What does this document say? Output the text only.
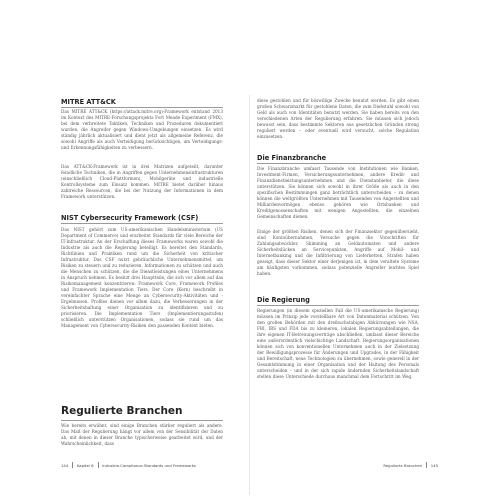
MITRE ATT&CK

Das MITRE ATT&CK (https://attack.mitre.org)-Framework entstand 2013 im Kontext des MITRE-Forschungsprojekts Fort Meade Experiment (FMX), bei dem verbreitete Taktiken, Techniken und Prozeduren dokumentiert wurden, die Angreifer gegen Windows-Umgebungen einsetzen. Es wird ständig jährlich aktualisiert und dient jetzt als allgemeine Referenz, die sowohl Angriffe als auch Verteidigung berücksichtigen, um Verteidigungs- und Erkennungsfähigkeiten zu verbessern.

Das ATT&CK-Framework ist in drei Matrizen aufgeteilt, darunter feindliche Techniken, die in Angriffen gegen Unternehmensinfrastrukturen (einschließlich Cloud-Plattformen), Mobilgeräte und industrielle Kontrollsysteme zum Einsatz kommen. MITRE bietet darüber hinaus zahlreiche Ressourcen, die bei der Nutzung der Informationen in dem Framework unterstützen.

NIST Cybersecurity Framework (CSF)

Das NIST gehört zum US-amerikanischen Handelsministerium (US Department of Commerce) und erarbeitet Standards für viele Bereiche der IT-Infrastruktur. An der Erschaffung dieses Frameworks waren sowohl die Industrie als auch die Regierung beteiligt. Es bereitet den Standards, Richtlinien und Praktiken rund um die Sicherheit von kritischer Infrastruktur. Das CSF nutzt gebräuchliche Unternehmensmittel, um Risiken zu steuern und zu reduzieren, Informationen zu schützen und auch die Menschen zu schützen, die die Dienstleistungen eines Unternehmens in Anspruch nehmen. Es besitzt drei Hauptteile, die sich vor allem auf das Risikomanagement konzentrieren: Framework Core, Framework Profiles und Framework Implementation Tiers. Der Core (Kern) beschreibt in vereinfachter Sprache eine Menge an Cybersecurity-Aktivitäten und -Ergebnissen. Profiles dienen vor allem dazu, die Verbesserungen in der Sicherheitshaltung einer Organisation zu identifizieren und zu priorisieren. Die Implementation Tiers (Implementierungsstufen) schließlich unterstützen Organisationen, sodass sie rund um das Management von Cybersecurity-Risiken den passenden Kontext bieten.

Regulierte Branchen

Wie bereits erwähnt, sind einige Branchen stärker reguliert als andere. Das Maß der Regulierung hängt vor allem von der Sensibilität der Daten ab, mit denen in dieser Branche typischerweise gearbeitet wird, und der Wahrscheinlichkeit, dass

144 Kapitel 6 Industrie-Compliance-Standards und Frameworks

diese gestohlen und für böswillige Zwecke benutzt werden. Es gibt einen großen Schwarzmarkt für gestohlene Daten, die zum Diebstahl sowohl von Geld als auch von Identitäten benutzt werden. Sie haben bereits von den verschiedenen Arten der Regulierung erfahren. Sie müssen sich jedoch bewusst sein, dass bestimmte Sektoren aus gesetzlichen Gründen streng reguliert werden – oder eventuell wird versucht, solche Regulation einzusetzen.

Die Finanzbranche

Die Finanzbranche umfasst Tausende von Institutionen wie Banken, Investment-Firmen, Versicherungsunternehmen, andere Kredit- und Finanzdienstleistungsunternehmen und die Dienstanbieter, die diese unterstützen. Sie können sich sowohl in ihrer Größe als auch in den spezifischen Bestimmungen ganz beträchtlich unterscheiden – zu denen können die weltgrößten Unternehmen mit Tausenden von Angestellten und Milliardenvermögen ebenso gehören wie Ortsbanken und Kreditgenossenschaften mit wenigen Angestellten, die einzelnen Gemeinschaften dienen.

Einige der größten Risiken, denen sich der Finanzsektor gegenübersieht, sind Kontoübernahmen, Versuche gegen die Vorschriften für Zahlungsabwickler, Skimming an Geldautomaten und andere Sicherheitslücken an Servicepunkten, Angriffe auf Mobil- und Internetbanking und die Infiltrierung von Lieferketten. Strafen haben gezeigt, dass dieser Sektor einer derjenigen ist, in dem veraltete Systeme am häufigsten vorkommen, sodass potenzielle Angreifer leichtes Spiel haben.

Die Regierung

Regierungen (in diesem speziellen Fall die US-amerikanische Regierung) müssen im Prinzip jede vorstellbare Art von Datenmaterial schützen. Von den großen Behörden mit den dreibuchstabigen Abkürzungen wie NSA, FBI, IRS und FDA bis zu kleineren, lokalen Regierungsabteilungen, die ihre eigenen IT-Betreuungsverträge abschließen, umfasst dieser Bereiche eine außerordentlich vielschichtige Landschaft. Regierungsorganisationen können sich von konventionellen Unternehmen auch in der Zielsetzung der Bewilligungsprozesse für Änderungen und Upgrades, in der Fähigkeit und Bereitschaft, neue Technologien zu übernehmen, sowie generell in der Gesamtstimmung in einer Organisation und der Haltung des Personals unterscheiden – und in der sich rapide ändernden Sicherheitslandschaft stellen diese Unterschiede durchaus manchmal dem Fortschritt im Weg.

Regulierte Branchen 145
